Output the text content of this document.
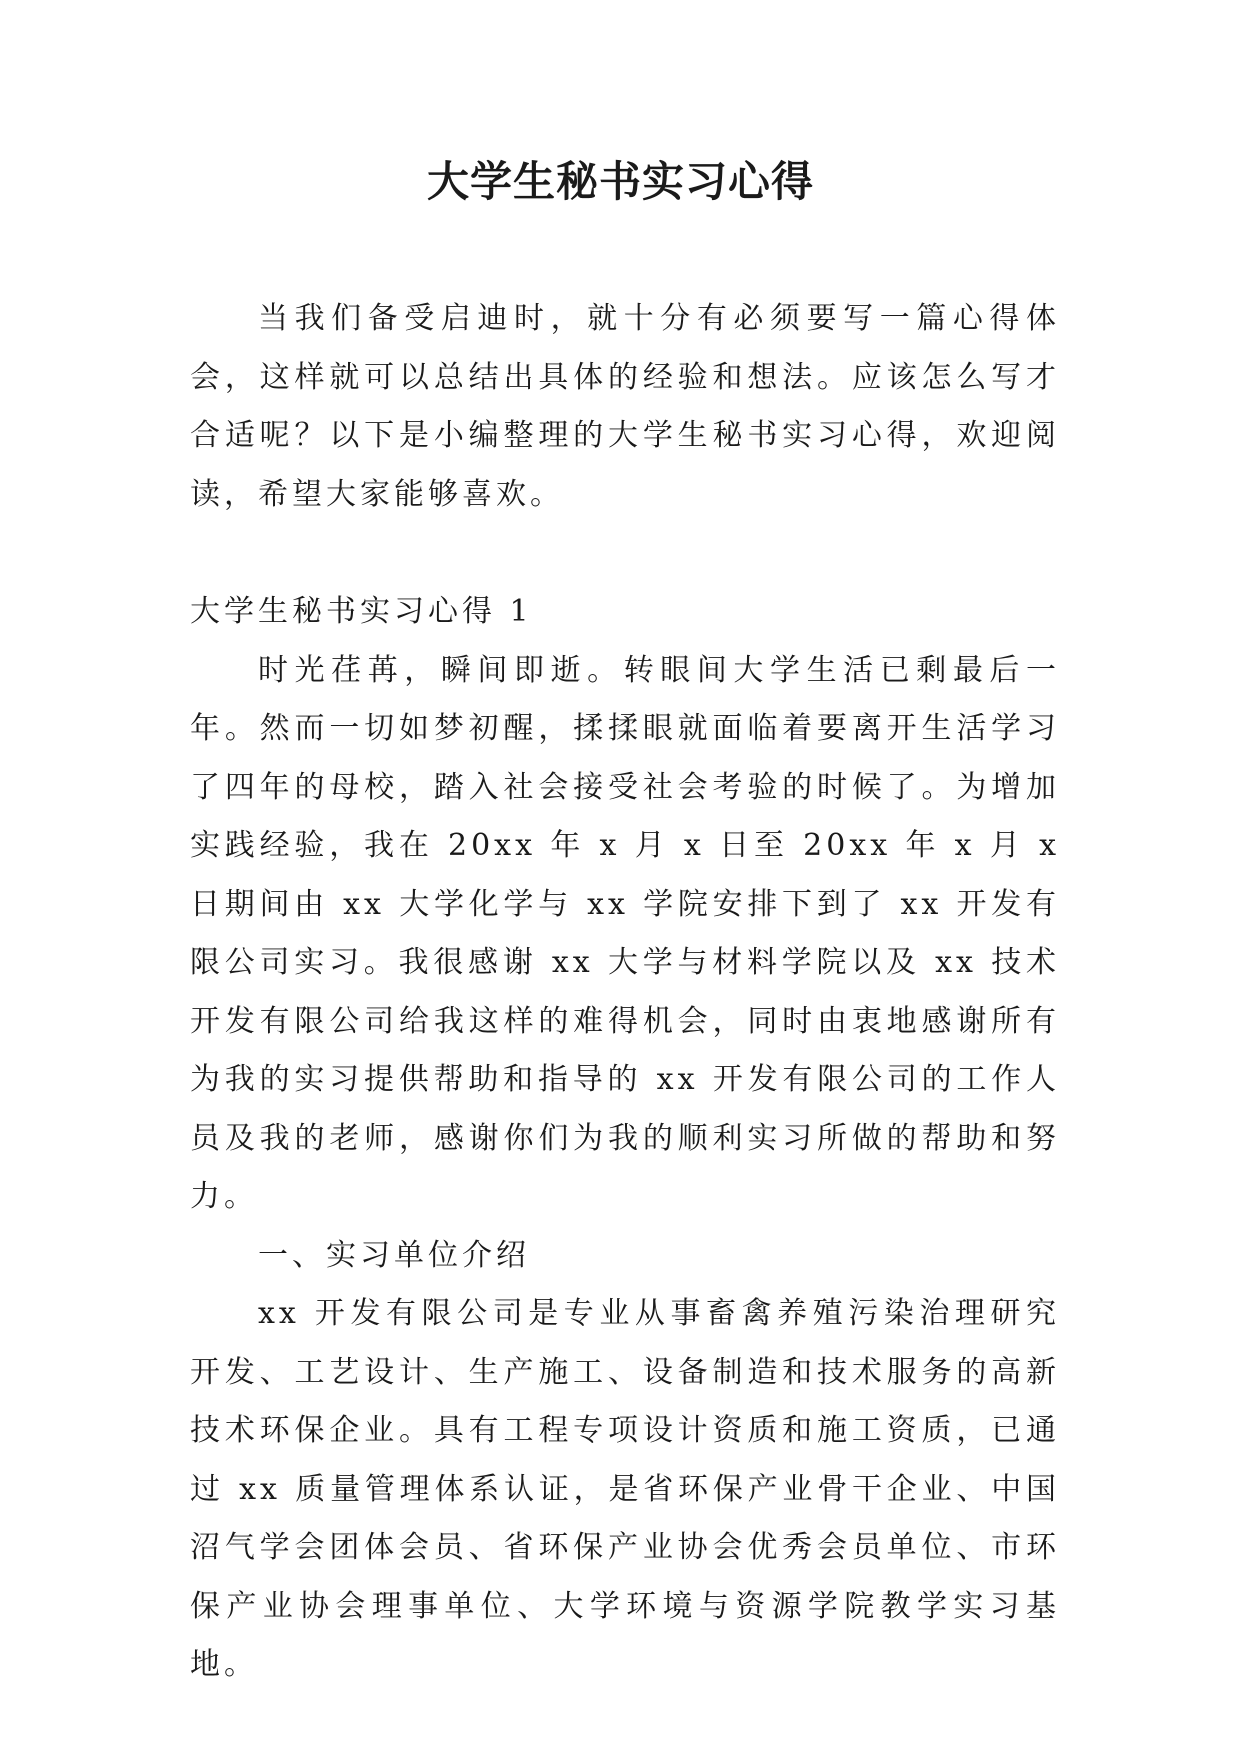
大学生秘书实习心得

当我们备受启迪时，就十分有必须要写一篇心得体会，这样就可以总结出具体的经验和想法。应该怎么写才合适呢？以下是小编整理的大学生秘书实习心得，欢迎阅读，希望大家能够喜欢。

大学生秘书实习心得 1

时光荏苒，瞬间即逝。转眼间大学生活已剩最后一年。然而一切如梦初醒，揉揉眼就面临着要离开生活学习了四年的母校，踏入社会接受社会考验的时候了。为增加实践经验，我在 20xx 年 x 月 x 日至 20xx 年 x 月 x 日期间由 xx 大学化学与 xx 学院安排下到了 xx 开发有限公司实习。我很感谢 xx 大学与材料学院以及 xx 技术开发有限公司给我这样的难得机会，同时由衷地感谢所有为我的实习提供帮助和指导的 xx 开发有限公司的工作人员及我的老师，感谢你们为我的顺利实习所做的帮助和努力。

一、实习单位介绍

xx 开发有限公司是专业从事畜禽养殖污染治理研究开发、工艺设计、生产施工、设备制造和技术服务的高新技术环保企业。具有工程专项设计资质和施工资质，已通过 xx 质量管理体系认证，是省环保产业骨干企业、中国沼气学会团体会员、省环保产业协会优秀会员单位、市环保产业协会理事单位、大学环境与资源学院教学实习基地。
